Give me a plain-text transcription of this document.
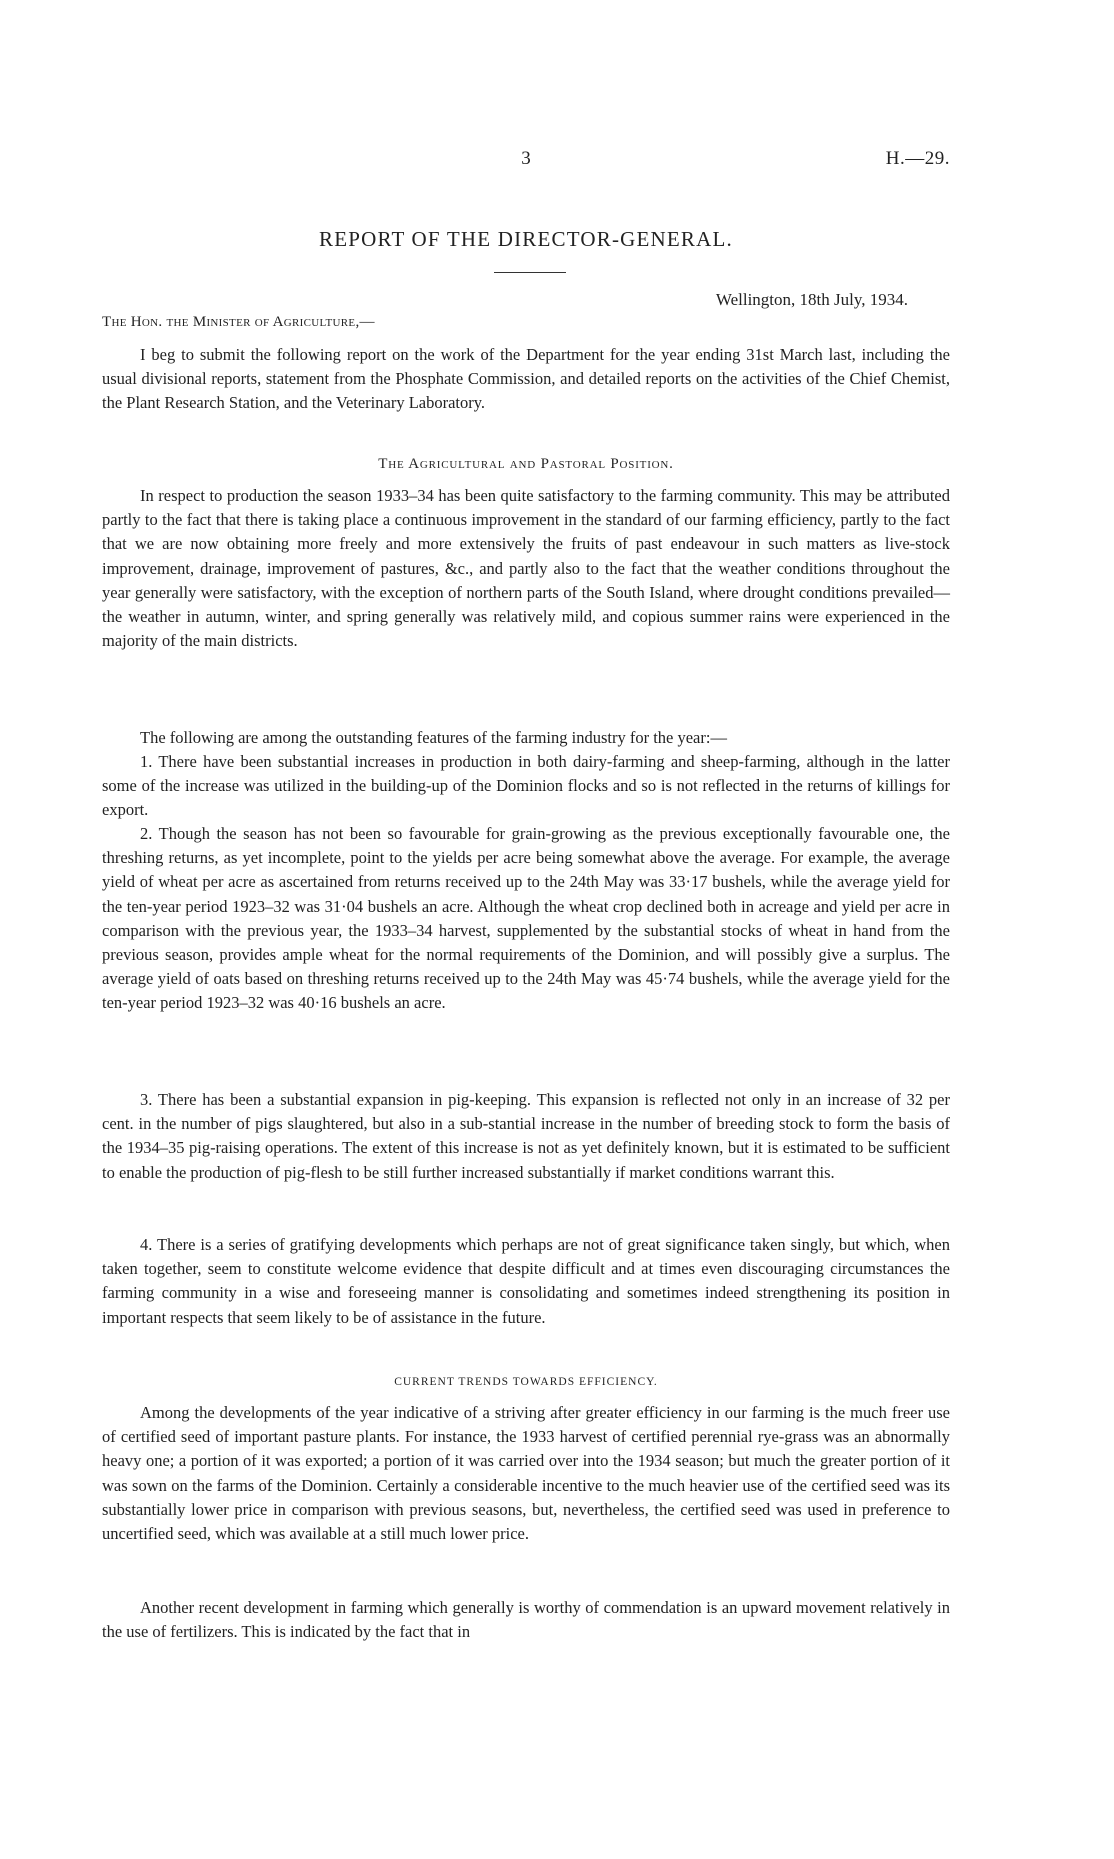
3	H.—29.
REPORT OF THE DIRECTOR-GENERAL.
Wellington, 18th July, 1934.
The Hon. the Minister of Agriculture,—

I beg to submit the following report on the work of the Department for the year ending 31st March last, including the usual divisional reports, statement from the Phosphate Commission, and detailed reports on the activities of the Chief Chemist, the Plant Research Station, and the Veterinary Laboratory.

The Agricultural and Pastoral Position.

In respect to production the season 1933–34 has been quite satisfactory to the farming community. This may be attributed partly to the fact that there is taking place a continuous improvement in the standard of our farming efficiency, partly to the fact that we are now obtaining more freely and more extensively the fruits of past endeavour in such matters as live-stock improvement, drainage, improvement of pastures, &c., and partly also to the fact that the weather conditions throughout the year generally were satisfactory, with the exception of northern parts of the South Island, where drought conditions prevailed—the weather in autumn, winter, and spring generally was relatively mild, and copious summer rains were experienced in the majority of the main districts.

The following are among the outstanding features of the farming industry for the year:—

1. There have been substantial increases in production in both dairy-farming and sheep-farming, although in the latter some of the increase was utilized in the building-up of the Dominion flocks and so is not reflected in the returns of killings for export.

2. Though the season has not been so favourable for grain-growing as the previous exceptionally favourable one, the threshing returns, as yet incomplete, point to the yields per acre being somewhat above the average. For example, the average yield of wheat per acre as ascertained from returns received up to the 24th May was 33·17 bushels, while the average yield for the ten-year period 1923–32 was 31·04 bushels an acre. Although the wheat crop declined both in acreage and yield per acre in comparison with the previous year, the 1933–34 harvest, supplemented by the substantial stocks of wheat in hand from the previous season, provides ample wheat for the normal requirements of the Dominion, and will possibly give a surplus. The average yield of oats based on threshing returns received up to the 24th May was 45·74 bushels, while the average yield for the ten-year period 1923–32 was 40·16 bushels an acre.

3. There has been a substantial expansion in pig-keeping. This expansion is reflected not only in an increase of 32 per cent. in the number of pigs slaughtered, but also in a sub-stantial increase in the number of breeding stock to form the basis of the 1934–35 pig-raising operations. The extent of this increase is not as yet definitely known, but it is estimated to be sufficient to enable the production of pig-flesh to be still further increased substantially if market conditions warrant this.

4. There is a series of gratifying developments which perhaps are not of great significance taken singly, but which, when taken together, seem to constitute welcome evidence that despite difficult and at times even discouraging circumstances the farming community in a wise and foreseeing manner is consolidating and sometimes indeed strengthening its position in important respects that seem likely to be of assistance in the future.

CURRENT TRENDS TOWARDS EFFICIENCY.

Among the developments of the year indicative of a striving after greater efficiency in our farming is the much freer use of certified seed of important pasture plants. For instance, the 1933 harvest of certified perennial rye-grass was an abnormally heavy one; a portion of it was exported; a portion of it was carried over into the 1934 season; but much the greater portion of it was sown on the farms of the Dominion. Certainly a considerable incentive to the much heavier use of the certified seed was its substantially lower price in comparison with previous seasons, but, nevertheless, the certified seed was used in preference to uncertified seed, which was available at a still much lower price.

Another recent development in farming which generally is worthy of commendation is an upward movement relatively in the use of fertilizers. This is indicated by the fact that in
